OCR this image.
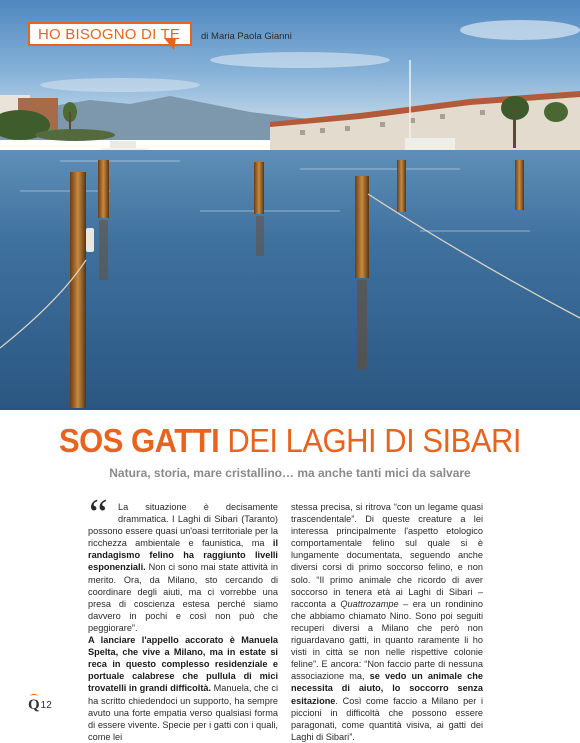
HO BISOGNO DI TE di Maria Paola Gianni
SOS GATTI DEI LAGHI DI SIBARI
Natura, storia, mare cristallino… ma anche tanti mici da salvare
“	La situazione è decisamente drammatica. I Laghi di Sibari (Taranto) possono essere quasi un'oasi territoriale per la ricchezza ambientale e faunistica, ma il randagismo felino ha raggiunto livelli esponenziali. Non ci sono mai state attività in merito. Ora, da Milano, sto cercando di coordinare degli aiuti, ma ci vorrebbe una presa di coscienza estesa perché siamo davvero in pochi e così non può che peggiorare”.

A lanciare l'appello accorato è Manuela Spelta, che vive a Milano, ma in estate si reca in questo complesso residenziale e portuale calabrese che pullula di mici trovatelli in grandi difficoltà. Manuela, che ci ha scritto chiedendoci un supporto, ha sempre avuto una forte empatia verso qualsiasi forma di essere vivente. Specie per i gatti con i quali, come lei

stessa precisa, si ritrova “con un legame quasi trascendentale”. Di queste creature a lei interessa principalmente l'aspetto etologico comportamentale felino sul quale si è lungamente documentata, seguendo anche diversi corsi di primo soccorso felino, e non solo. “Il primo animale che ricordo di aver soccorso in tenera età ai Laghi di Sibari – racconta a Quattrozampe – era un rondinino che abbiamo chiamato Nino. Sono poi seguiti recuperi diversi a Milano che però non riguardavano gatti, in quanto raramente li ho visti in città se non nelle rispettive colonie feline”. E ancora: “Non faccio parte di nessuna associazione ma, se vedo un animale che necessita di aiuto, lo soccorro senza esitazione. Così come faccio a Milano per i piccioni in difficoltà che possono essere paragonati, come quantità visiva, ai gatti dei Laghi di Sibari”.

Q 12
